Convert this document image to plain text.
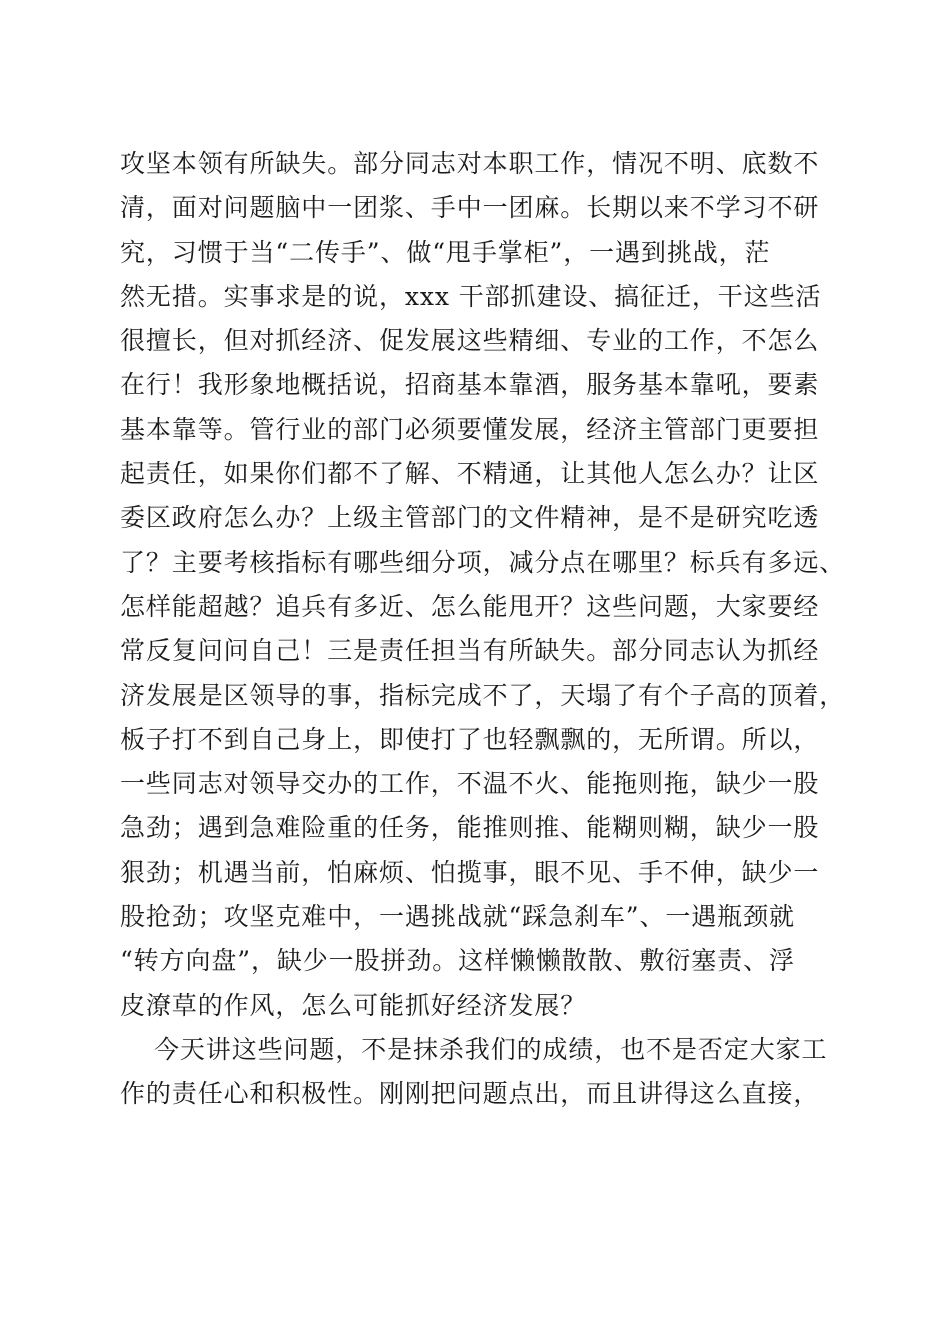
攻坚本领有所缺失。部分同志对本职工作，情况不明、底数不
清，面对问题脑中一团浆、手中一团麻。长期以来不学习不研
究，习惯于当“二传手”、做“甩手掌柜”，一遇到挑战，茫
然无措。实事求是的说，xxx 干部抓建设、搞征迁，干这些活
很擅长，但对抓经济、促发展这些精细、专业的工作，不怎么
在行！我形象地概括说，招商基本靠酒，服务基本靠吼，要素
基本靠等。管行业的部门必须要懂发展，经济主管部门更要担
起责任，如果你们都不了解、不精通，让其他人怎么办？让区
委区政府怎么办？上级主管部门的文件精神，是不是研究吃透
了？主要考核指标有哪些细分项，减分点在哪里？标兵有多远、
怎样能超越？追兵有多近、怎么能甩开？这些问题，大家要经
常反复问问自己！三是责任担当有所缺失。部分同志认为抓经
济发展是区领导的事，指标完成不了，天塌了有个子高的顶着，
板子打不到自己身上，即使打了也轻飘飘的，无所谓。所以，
一些同志对领导交办的工作，不温不火、能拖则拖，缺少一股
急劲；遇到急难险重的任务，能推则推、能糊则糊，缺少一股
狠劲；机遇当前，怕麻烦、怕揽事，眼不见、手不伸，缺少一
股抢劲；攻坚克难中，一遇挑战就“踩急刹车”、一遇瓶颈就
“转方向盘”，缺少一股拼劲。这样懒懒散散、敷衍塞责、浮
皮潦草的作风，怎么可能抓好经济发展？
今天讲这些问题，不是抹杀我们的成绩，也不是否定大家工
作的责任心和积极性。刚刚把问题点出，而且讲得这么直接，
